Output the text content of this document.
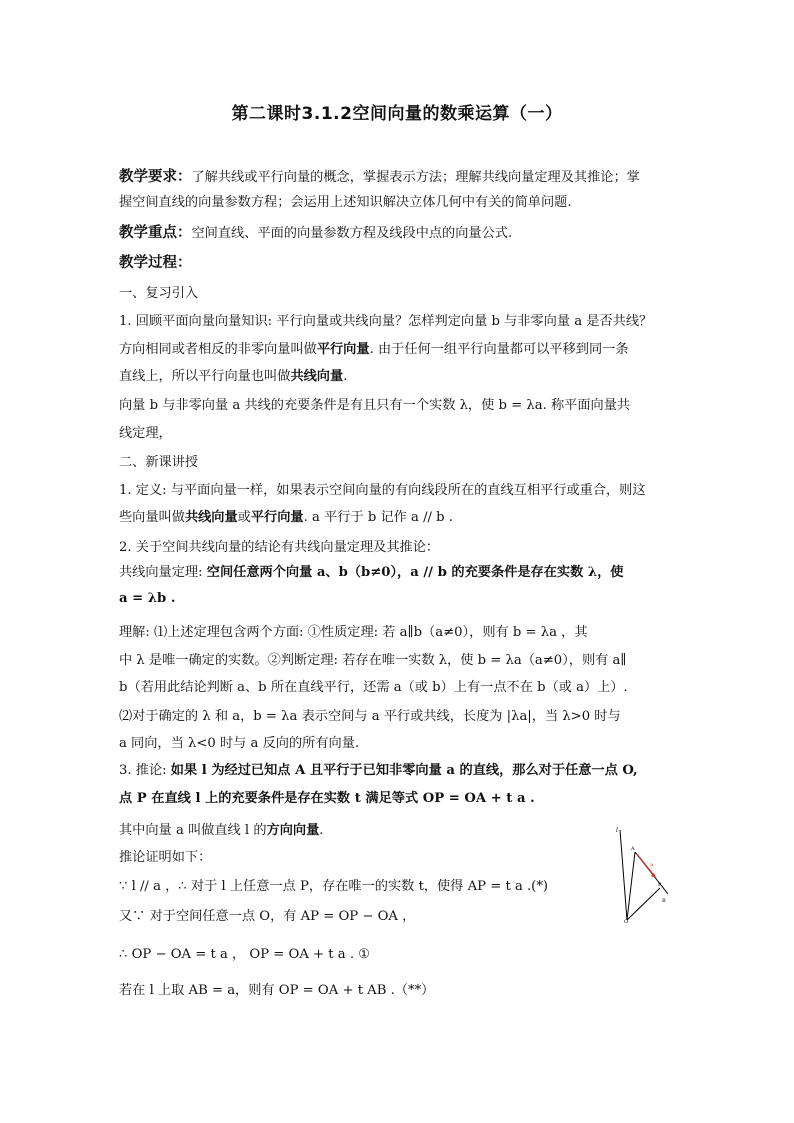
第二课时3.1.2空间向量的数乘运算（一）
教学要求：了解共线或平行向量的概念，掌握表示方法；理解共线向量定理及其推论；掌
握空间直线的向量参数方程；会运用上述知识解决立体几何中有关的简单问题.
教学重点：空间直线、平面的向量参数方程及线段中点的向量公式.
教学过程：
一、复习引入
1. 回顾平面向量向量知识: 平行向量或共线向量？怎样判定向量 b 与非零向量 a 是否共线？
方向相同或者相反的非零向量叫做平行向量. 由于任何一组平行向量都可以平移到同一条
直线上，所以平行向量也叫做共线向量.
向量 b 与非零向量 a 共线的充要条件是有且只有一个实数 λ，使 b = λa. 称平面向量共
线定理，
二、新课讲授
1. 定义: 与平面向量一样，如果表示空间向量的有向线段所在的直线互相平行或重合，则这
些向量叫做共线向量或平行向量. a 平行于 b 记作 a // b .
2. 关于空间共线向量的结论有共线向量定理及其推论：
共线向量定理: 空间任意两个向量 a、b（b≠0），a // b 的充要条件是存在实数 λ，使
a = λb .
理解: ⑴上述定理包含两个方面: ①性质定理: 若 a∥b（a≠0），则有 b = λa ，其
中 λ 是唯一确定的实数。②判断定理: 若存在唯一实数 λ，使 b = λa（a≠0），则有 a∥
b（若用此结论判断 a、b 所在直线平行，还需 a（或 b）上有一点不在 b（或 a）上）.
⑵对于确定的 λ 和 a，b = λa 表示空间与 a 平行或共线，长度为 |λa|，当 λ>0 时与
a 同向，当 λ<0 时与 a 反向的所有向量.
3. 推论: 如果 l 为经过已知点 A 且平行于已知非零向量 a 的直线，那么对于任意一点 O,
点 P 在直线 l 上的充要条件是存在实数 t 满足等式 OP = OA + t a .
其中向量 a 叫做直线 l 的方向向量.
推论证明如下：
∵ l // a ，∴ 对于 l 上任意一点 P，存在唯一的实数 t，使得 AP = t a .(*)
又∵ 对于空间任意一点 O，有 AP = OP − OA ，
∴ OP − OA = t a ， OP = OA + t a . ①
若在 l 上取 AB = a，则有 OP = OA + t AB .（**）
l
P
a
B
A
O
